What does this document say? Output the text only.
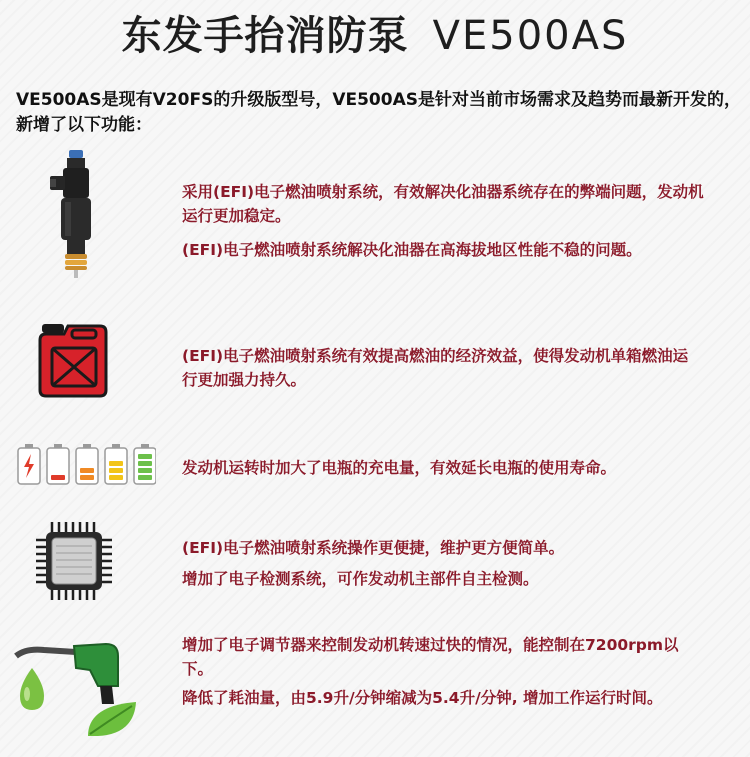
东发手抬消防泵 VE500AS
VE500AS是现有V20FS的升级版型号，VE500AS是针对当前市场需求及趋势而最新开发的，新增了以下功能：
采用(EFI)电子燃油喷射系统，有效解决化油器系统存在的弊端问题，发动机运行更加稳定。
(EFI)电子燃油喷射系统解决化油器在高海拔地区性能不稳的问题。
(EFI)电子燃油喷射系统有效提高燃油的经济效益，使得发动机单箱燃油运行更加强力持久。
发动机运转时加大了电瓶的充电量，有效延长电瓶的使用寿命。
(EFI)电子燃油喷射系统操作更便捷，维护更方便简单。
增加了电子检测系统，可作发动机主部件自主检测。
增加了电子调节器来控制发动机转速过快的情况，能控制在7200rpm以下。
降低了耗油量，由5.9升/分钟缩减为5.4升/分钟, 增加工作运行时间。
